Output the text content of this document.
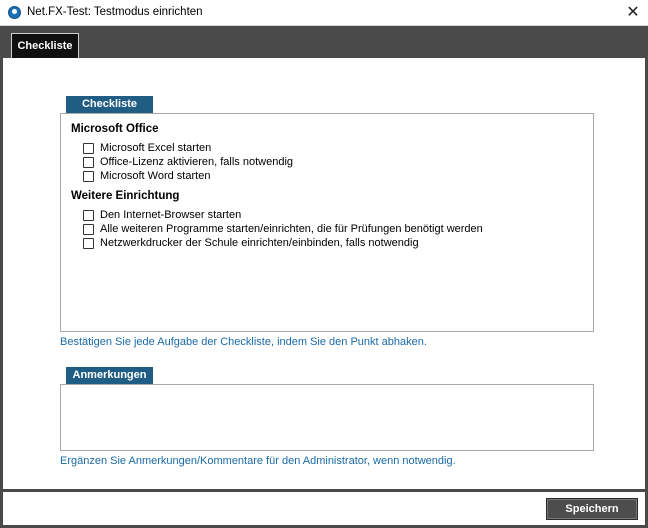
Net.FX-Test: Testmodus einrichten	✕
Checkliste
Checkliste
Microsoft Office
Microsoft Excel starten
Office-Lizenz aktivieren, falls notwendig
Microsoft Word starten
Weitere Einrichtung
Den Internet-Browser starten
Alle weiteren Programme starten/einrichten, die für Prüfungen benötigt werden
Netzwerkdrucker der Schule einrichten/einbinden, falls notwendig
Bestätigen Sie jede Aufgabe der Checkliste, indem Sie den Punkt abhaken.
Anmerkungen
Ergänzen Sie Anmerkungen/Kommentare für den Administrator, wenn notwendig.
Speichern
